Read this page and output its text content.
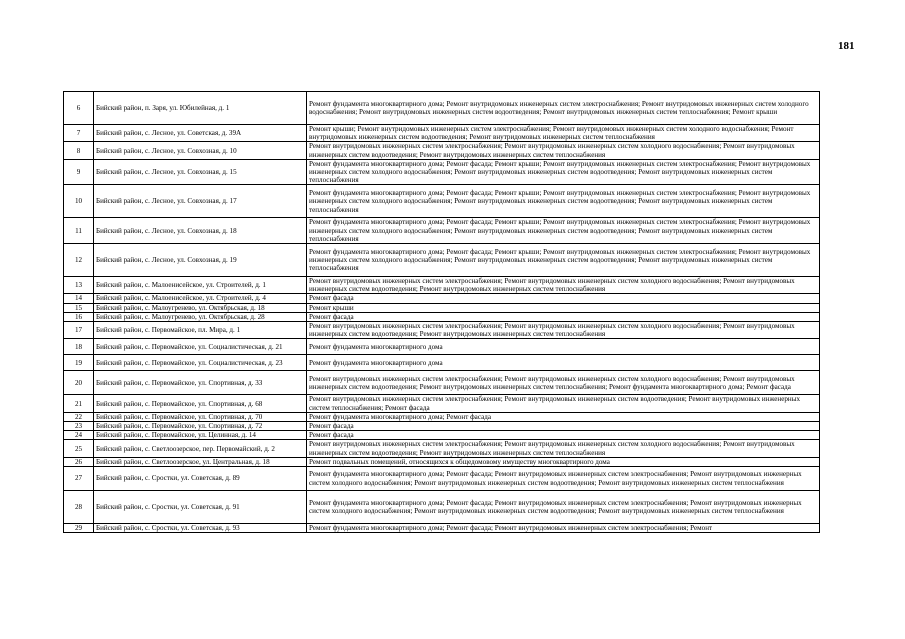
181
6	Бийский район, п. Заря, ул. Юбилейная, д. 1	Ремонт фундамента многоквартирного дома; Ремонт внутридомовых инженерных систем электроснабжения; Ремонт внутридомовых инженерных систем холодного водоснабжения; Ремонт внутридомовых инженерных систем водоотведения; Ремонт внутридомовых инженерных систем теплоснабжения; Ремонт крыши
7	Бийский район, с. Лесное, ул. Советская, д. 39А	Ремонт крыши; Ремонт внутридомовых инженерных систем электроснабжения; Ремонт внутридомовых инженерных систем холодного водоснабжения; Ремонт внутридомовых инженерных систем водоотведения; Ремонт внутридомовых инженерных систем теплоснабжения
8	Бийский район, с. Лесное, ул. Совхозная, д. 10	Ремонт внутридомовых инженерных систем электроснабжения; Ремонт внутридомовых инженерных систем холодного водоснабжения; Ремонт внутридомовых инженерных систем водоотведения; Ремонт внутридомовых инженерных систем теплоснабжения
9	Бийский район, с. Лесное, ул. Совхозная, д. 15	Ремонт фундамента многоквартирного дома; Ремонт фасада; Ремонт крыши; Ремонт внутридомовых инженерных систем электроснабжения; Ремонт внутридомовых инженерных систем холодного водоснабжения; Ремонт внутридомовых инженерных систем водоотведения; Ремонт внутридомовых инженерных систем теплоснабжения
10	Бийский район, с. Лесное, ул. Совхозная, д. 17	Ремонт фундамента многоквартирного дома; Ремонт фасада; Ремонт крыши; Ремонт внутридомовых инженерных систем электроснабжения; Ремонт внутридомовых инженерных систем холодного водоснабжения; Ремонт внутридомовых инженерных систем водоотведения; Ремонт внутридомовых инженерных систем теплоснабжения
11	Бийский район, с. Лесное, ул. Совхозная, д. 18	Ремонт фундамента многоквартирного дома; Ремонт фасада; Ремонт крыши; Ремонт внутридомовых инженерных систем электроснабжения; Ремонт внутридомовых инженерных систем холодного водоснабжения; Ремонт внутридомовых инженерных систем водоотведения; Ремонт внутридомовых инженерных систем теплоснабжения
12	Бийский район, с. Лесное, ул. Совхозная, д. 19	Ремонт фундамента многоквартирного дома; Ремонт фасада; Ремонт крыши; Ремонт внутридомовых инженерных систем электроснабжения; Ремонт внутридомовых инженерных систем холодного водоснабжения; Ремонт внутридомовых инженерных систем водоотведения; Ремонт внутридомовых инженерных систем теплоснабжения
13	Бийский район, с. Малоенисейское, ул. Строителей, д. 1	Ремонт внутридомовых инженерных систем электроснабжения; Ремонт внутридомовых инженерных систем холодного водоснабжения; Ремонт внутридомовых инженерных систем водоотведения; Ремонт внутридомовых инженерных систем теплоснабжения
14	Бийский район, с. Малоенисейское, ул. Строителей, д. 4	Ремонт фасада
15	Бийский район, с. Малоугренево, ул. Октябрьская, д. 18	Ремонт крыши
16	Бийский район, с. Малоугренево, ул. Октябрьская, д. 28	Ремонт фасада
17	Бийский район, с. Первомайское, пл. Мира, д. 1	Ремонт внутридомовых инженерных систем электроснабжения; Ремонт внутридомовых инженерных систем холодного водоснабжения; Ремонт внутридомовых инженерных систем водоотведения; Ремонт внутридомовых инженерных систем теплоснабжения
18	Бийский район, с. Первомайское, ул. Социалистическая, д. 21	Ремонт фундамента многоквартирного дома
19	Бийский район, с. Первомайское, ул. Социалистическая, д. 23	Ремонт фундамента многоквартирного дома
20	Бийский район, с. Первомайское, ул. Спортивная, д. 33	Ремонт внутридомовых инженерных систем электроснабжения; Ремонт внутридомовых инженерных систем холодного водоснабжения; Ремонт внутридомовых инженерных систем водоотведения; Ремонт внутридомовых инженерных систем теплоснабжения; Ремонт фундамента многоквартирного дома; Ремонт фасада
21	Бийский район, с. Первомайское, ул. Спортивная, д. 68	Ремонт внутридомовых инженерных систем электроснабжения; Ремонт внутридомовых инженерных систем водоотведения; Ремонт внутридомовых инженерных систем теплоснабжения; Ремонт фасада
22	Бийский район, с. Первомайское, ул. Спортивная, д. 70	Ремонт фундамента многоквартирного дома; Ремонт фасада
23	Бийский район, с. Первомайское, ул. Спортивная, д. 72	Ремонт фасада
24	Бийский район, с. Первомайское, ул. Целинная, д. 14	Ремонт фасада
25	Бийский район, с. Светлоозерское, пер. Первомайский, д. 2	Ремонт внутридомовых инженерных систем электроснабжения; Ремонт внутридомовых инженерных систем холодного водоснабжения; Ремонт внутридомовых инженерных систем водоотведения; Ремонт внутридомовых инженерных систем теплоснабжения
26	Бийский район, с. Светлоозерское, ул. Центральная, д. 18	Ремонт подвальных помещений, относящихся к общедомовому имуществу многоквартирного дома
27	Бийский район, с. Сростки, ул. Советская, д. 89	Ремонт фундамента многоквартирного дома; Ремонт фасада; Ремонт внутридомовых инженерных систем электроснабжения; Ремонт внутридомовых инженерных систем холодного водоснабжения; Ремонт внутридомовых инженерных систем водоотведения; Ремонт внутридомовых инженерных систем теплоснабжения
28	Бийский район, с. Сростки, ул. Советская, д. 91	Ремонт фундамента многоквартирного дома; Ремонт фасада; Ремонт внутридомовых инженерных систем электроснабжения; Ремонт внутридомовых инженерных систем холодного водоснабжения; Ремонт внутридомовых инженерных систем водоотведения; Ремонт внутридомовых инженерных систем теплоснабжения
29	Бийский район, с. Сростки, ул. Советская, д. 93	Ремонт фундамента многоквартирного дома; Ремонт фасада; Ремонт внутридомовых инженерных систем электроснабжения; Ремонт
